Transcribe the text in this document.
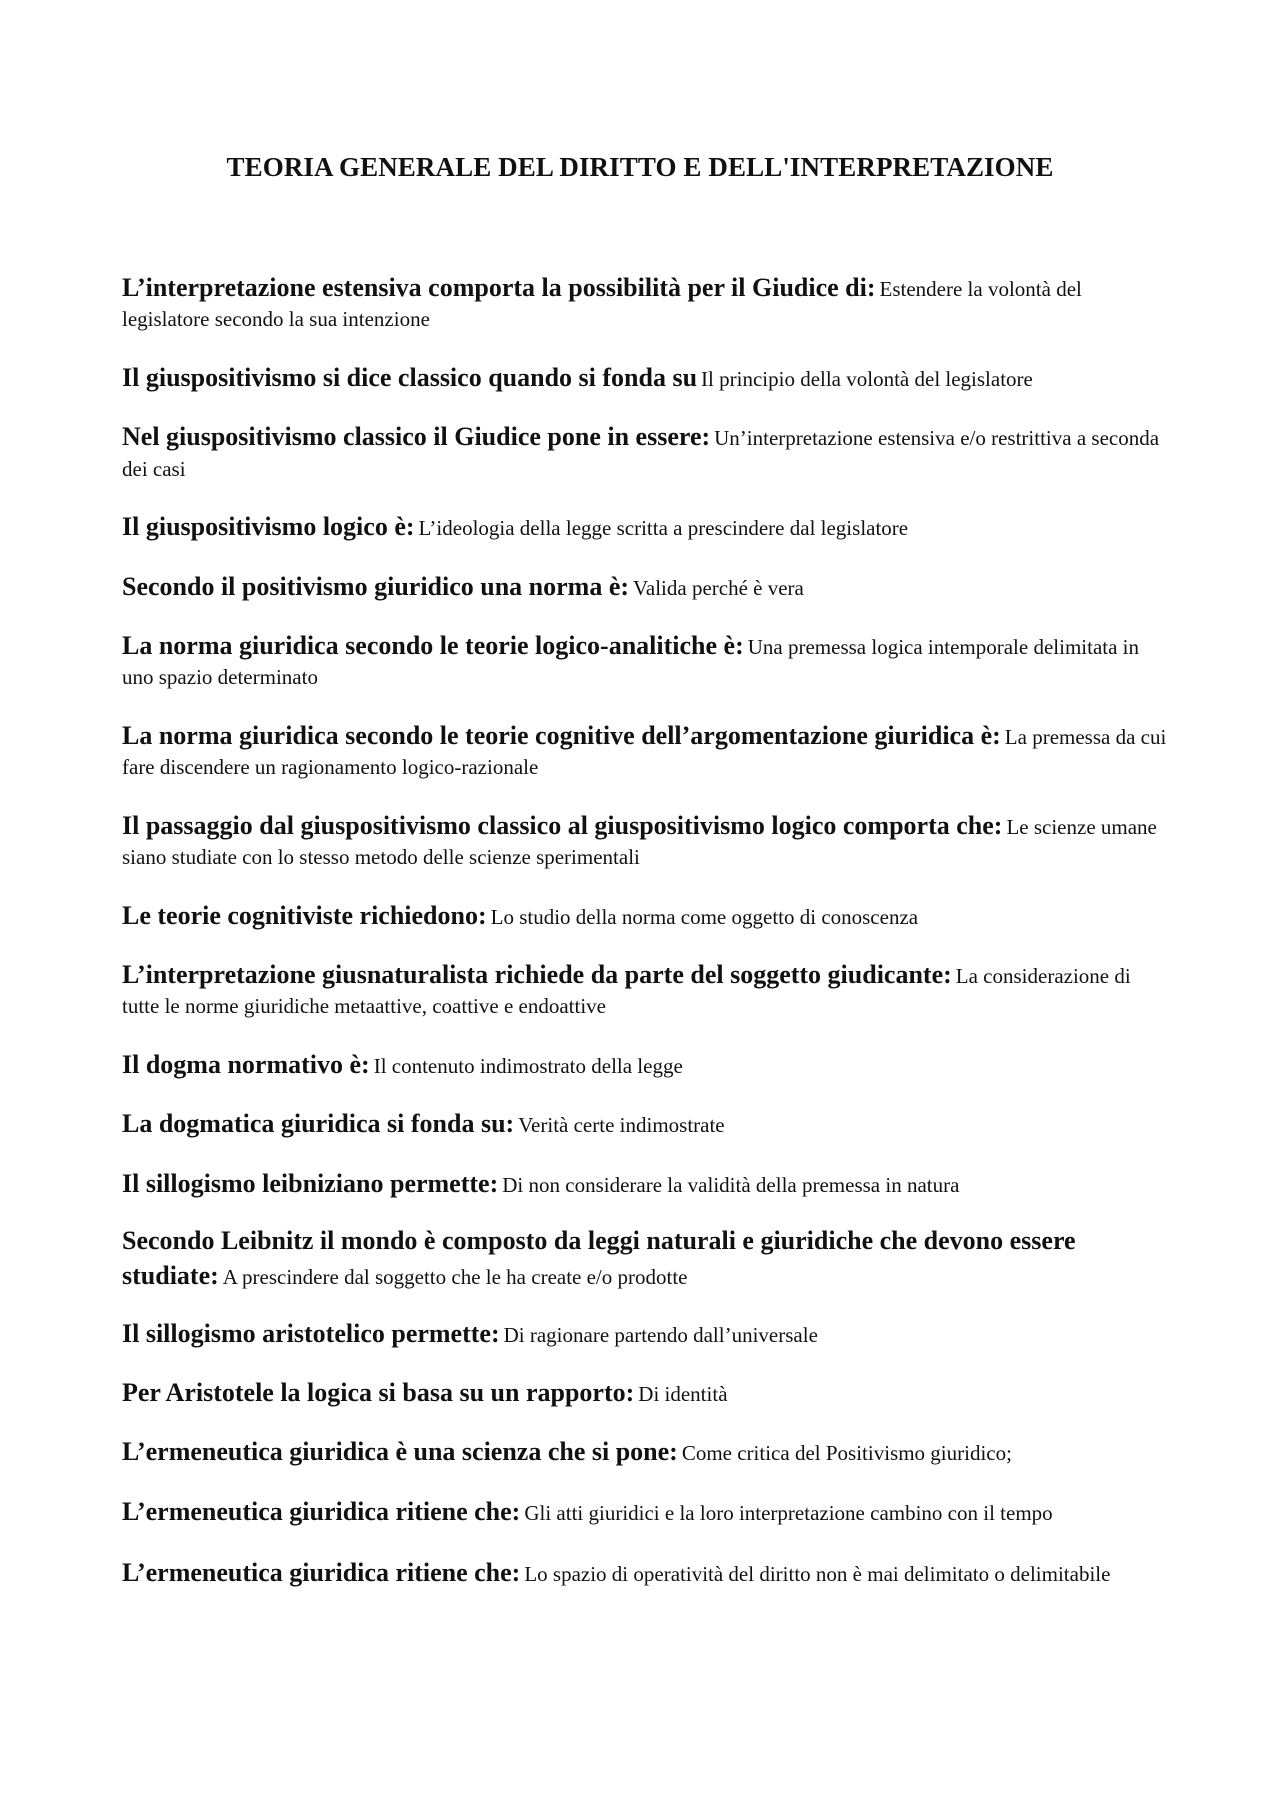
TEORIA GENERALE DEL DIRITTO E DELL'INTERPRETAZIONE

L’interpretazione estensiva comporta la possibilità per il Giudice di: Estendere la volontà del legislatore secondo la sua intenzione

Il giuspositivismo si dice classico quando si fonda su Il principio della volontà del legislatore

Nel giuspositivismo classico il Giudice pone in essere: Un’interpretazione estensiva e/o restrittiva a seconda dei casi

Il giuspositivismo logico è: L’ideologia della legge scritta a prescindere dal legislatore

Secondo il positivismo giuridico una norma è: Valida perché è vera

La norma giuridica secondo le teorie logico-analitiche è: Una premessa logica intemporale delimitata in uno spazio determinato

La norma giuridica secondo le teorie cognitive dell’argomentazione giuridica è: La premessa da cui fare discendere un ragionamento logico-razionale

Il passaggio dal giuspositivismo classico al giuspositivismo logico comporta che: Le scienze umane siano studiate con lo stesso metodo delle scienze sperimentali

Le teorie cognitiviste richiedono: Lo studio della norma come oggetto di conoscenza

L’interpretazione giusnaturalista richiede da parte del soggetto giudicante: La considerazione di tutte le norme giuridiche metaattive, coattive e endoattive

Il dogma normativo è: Il contenuto indimostrato della legge

La dogmatica giuridica si fonda su: Verità certe indimostrate

Il sillogismo leibniziano permette: Di non considerare la validità della premessa in natura

Secondo Leibnitz il mondo è composto da leggi naturali e giuridiche che devono essere studiate: A prescindere dal soggetto che le ha create e/o prodotte

Il sillogismo aristotelico permette: Di ragionare partendo dall’universale

Per Aristotele la logica si basa su un rapporto: Di identità

L’ermeneutica giuridica è una scienza che si pone: Come critica del Positivismo giuridico;

L’ermeneutica giuridica ritiene che: Gli atti giuridici e la loro interpretazione cambino con il tempo

L’ermeneutica giuridica ritiene che: Lo spazio di operatività del diritto non è mai delimitato o delimitabile
